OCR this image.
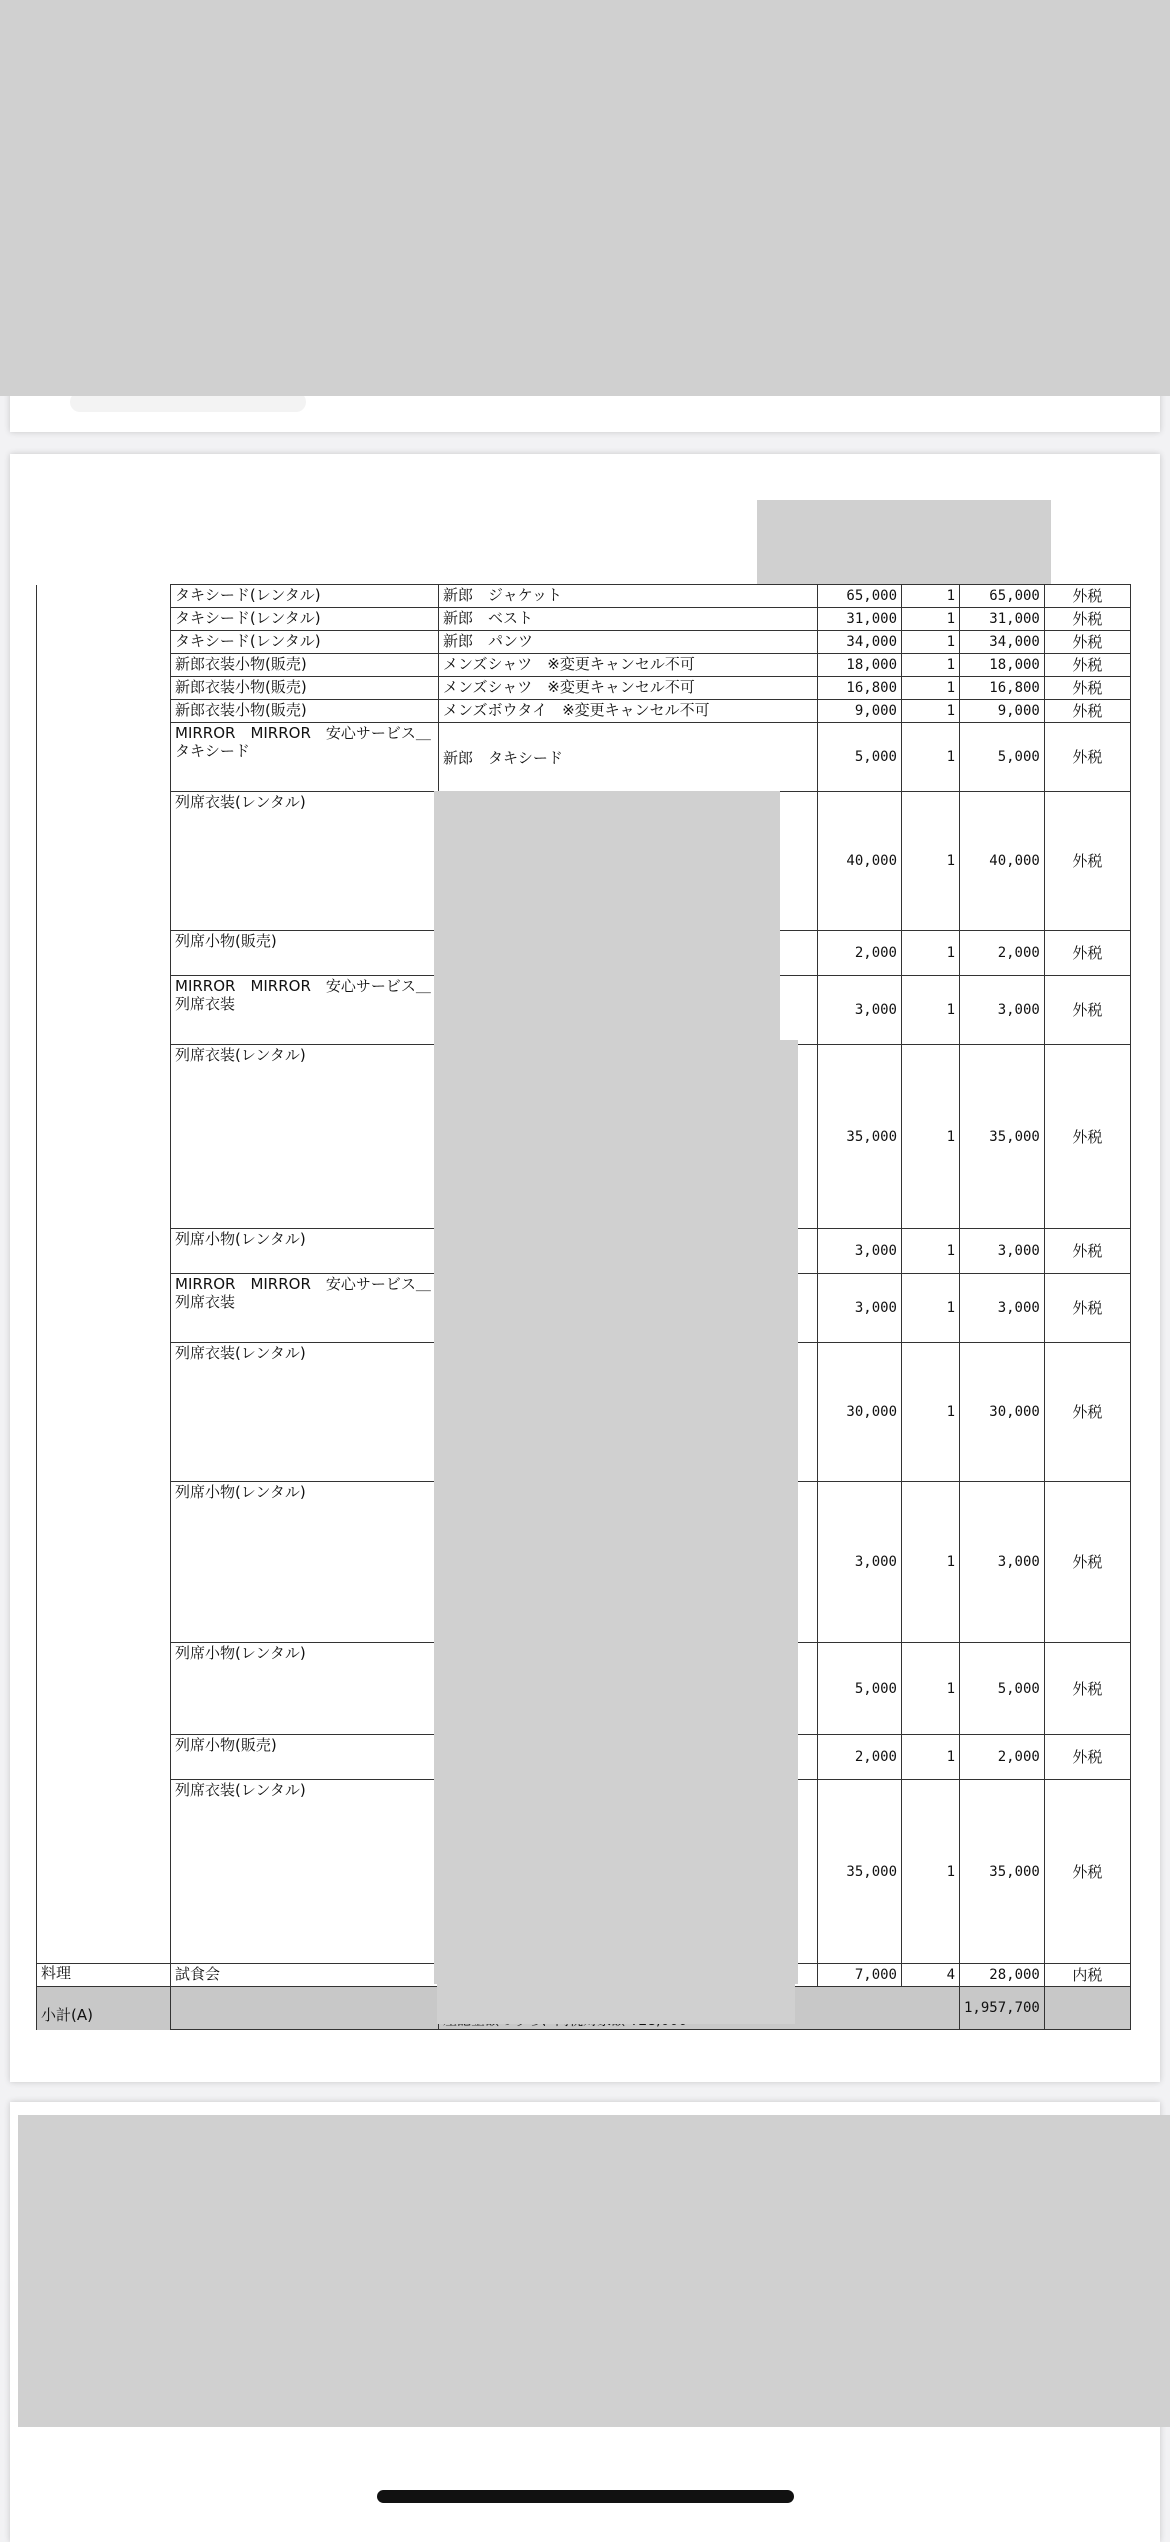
	タキシード(レンタル)	新郎　ジャケット	65,000	1	65,000	外税
	タキシード(レンタル)	新郎　ベスト	31,000	1	31,000	外税
	タキシード(レンタル)	新郎　パンツ	34,000	1	34,000	外税
	新郎衣装小物(販売)	メンズシャツ　※変更キャンセル不可	18,000	1	18,000	外税
	新郎衣装小物(販売)	メンズシャツ　※変更キャンセル不可	16,800	1	16,800	外税
	新郎衣装小物(販売)	メンズボウタイ　※変更キャンセル不可	9,000	1	9,000	外税
	MIRROR　MIRROR　安心サービス＿タキシード	新郎　タキシード	5,000	1	5,000	外税
	列席衣装(レンタル)		40,000	1	40,000	外税
	列席小物(販売)		2,000	1	2,000	外税
	MIRROR　MIRROR　安心サービス＿列席衣装		3,000	1	3,000	外税
	列席衣装(レンタル)		35,000	1	35,000	外税
	列席小物(レンタル)		3,000	1	3,000	外税
	MIRROR　MIRROR　安心サービス＿列席衣装		3,000	1	3,000	外税
	列席衣装(レンタル)		30,000	1	30,000	外税
	列席小物(レンタル)		3,000	1	3,000	外税
	列席小物(レンタル)		5,000	1	5,000	外税
	列席小物(販売)		2,000	1	2,000	外税
	列席衣装(レンタル)		35,000	1	35,000	外税
料理	試食会		7,000	4	28,000	内税
小計(A)					1,957,700	
